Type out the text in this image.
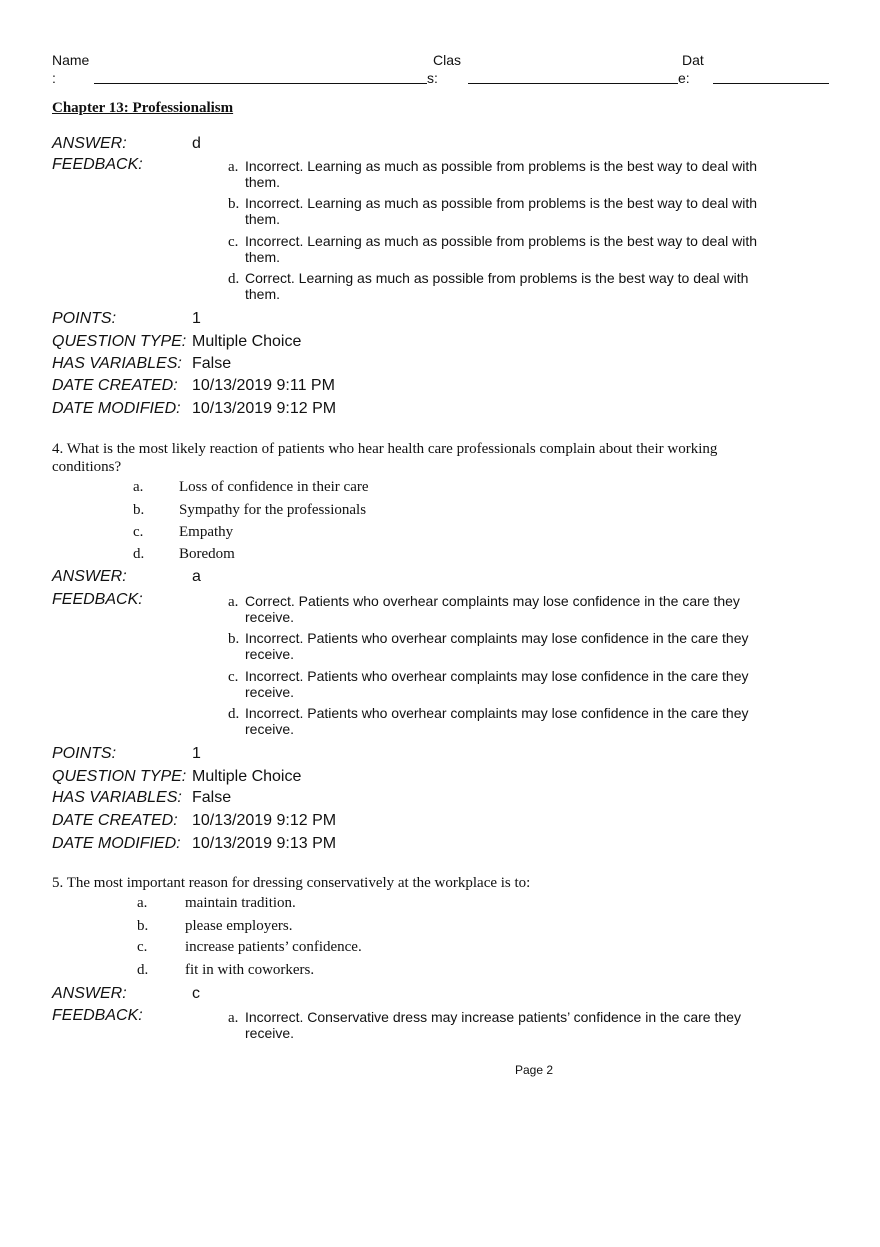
Name
:
Clas
s:
Dat
e:
Chapter 13: Professionalism
ANSWER:	d
FEEDBACK:	a. Incorrect. Learning as much as possible from problems is the best way to deal with them.
b. Incorrect. Learning as much as possible from problems is the best way to deal with them.
c. Incorrect. Learning as much as possible from problems is the best way to deal with them.
d. Correct. Learning as much as possible from problems is the best way to deal with them.
POINTS:	1
QUESTION TYPE: Multiple Choice
HAS VARIABLES: False
DATE CREATED: 10/13/2019 9:11 PM
DATE MODIFIED: 10/13/2019 9:12 PM
4. What is the most likely reaction of patients who hear health care professionals complain about their working conditions?
a. Loss of confidence in their care
b. Sympathy for the professionals
c. Empathy
d. Boredom
ANSWER:	a
FEEDBACK:	a. Correct. Patients who overhear complaints may lose confidence in the care they receive.
b. Incorrect. Patients who overhear complaints may lose confidence in the care they receive.
c. Incorrect. Patients who overhear complaints may lose confidence in the care they receive.
d. Incorrect. Patients who overhear complaints may lose confidence in the care they receive.
POINTS:	1
QUESTION TYPE: Multiple Choice
HAS VARIABLES: False
DATE CREATED: 10/13/2019 9:12 PM
DATE MODIFIED: 10/13/2019 9:13 PM
5. The most important reason for dressing conservatively at the workplace is to:
a.	maintain tradition.
b. please employers.
c.	increase patients’ confidence.
d. fit in with coworkers.
ANSWER:	c
FEEDBACK:	a. Incorrect. Conservative dress may increase patients’ confidence in the care they receive.
Page 2
